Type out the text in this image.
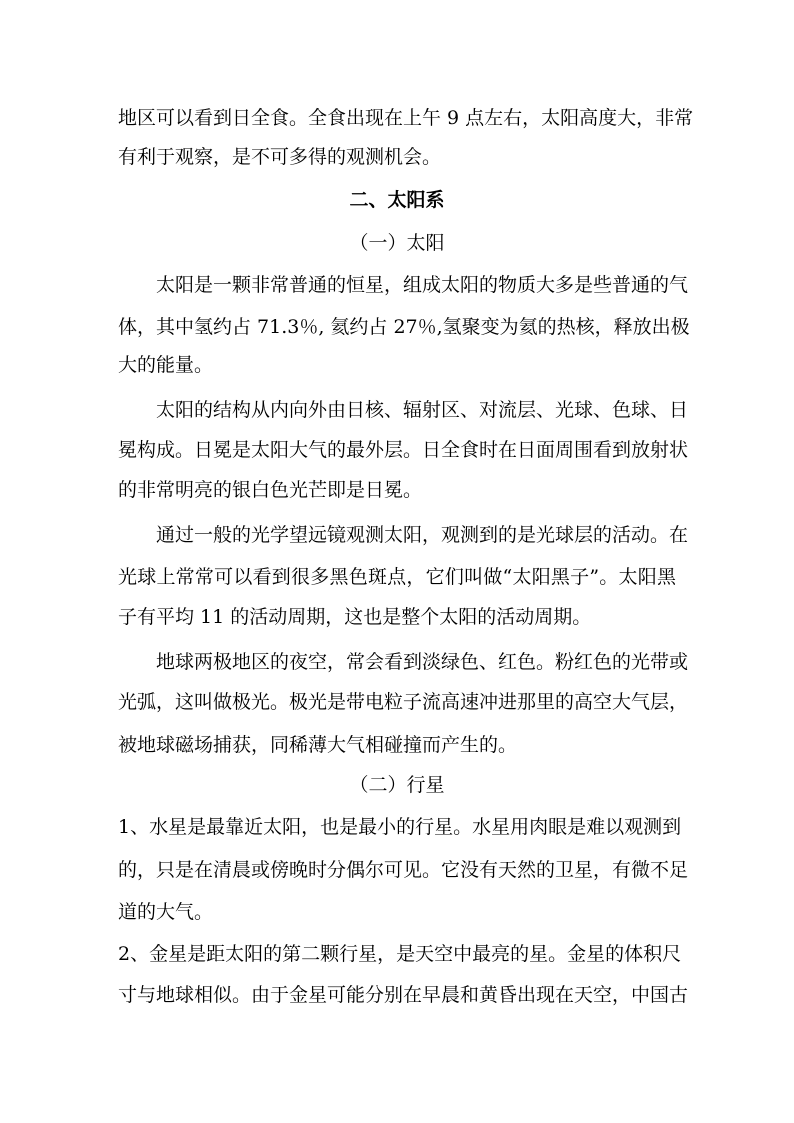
地区可以看到日全食。全食出现在上午 9 点左右，太阳高度大，非常
有利于观察，是不可多得的观测机会。
二、太阳系
（一）太阳
太阳是一颗非常普通的恒星，组成太阳的物质大多是些普通的气
体，其中氢约占 71.3％, 氦约占 27％,氢聚变为氦的热核，释放出极
大的能量。
太阳的结构从内向外由日核、辐射区、对流层、光球、色球、日
冕构成。日冕是太阳大气的最外层。日全食时在日面周围看到放射状
的非常明亮的银白色光芒即是日冕。
通过一般的光学望远镜观测太阳，观测到的是光球层的活动。在
光球上常常可以看到很多黑色斑点，它们叫做“太阳黑子”。太阳黑
子有平均 11 的活动周期，这也是整个太阳的活动周期。
地球两极地区的夜空，常会看到淡绿色、红色。粉红色的光带或
光弧，这叫做极光。极光是带电粒子流高速冲进那里的高空大气层，
被地球磁场捕获，同稀薄大气相碰撞而产生的。
（二）行星
1、水星是最靠近太阳，也是最小的行星。水星用肉眼是难以观测到
的，只是在清晨或傍晚时分偶尔可见。它没有天然的卫星，有微不足
道的大气。
2、金星是距太阳的第二颗行星，是天空中最亮的星。金星的体积尺
寸与地球相似。由于金星可能分别在早晨和黄昏出现在天空，中国古
